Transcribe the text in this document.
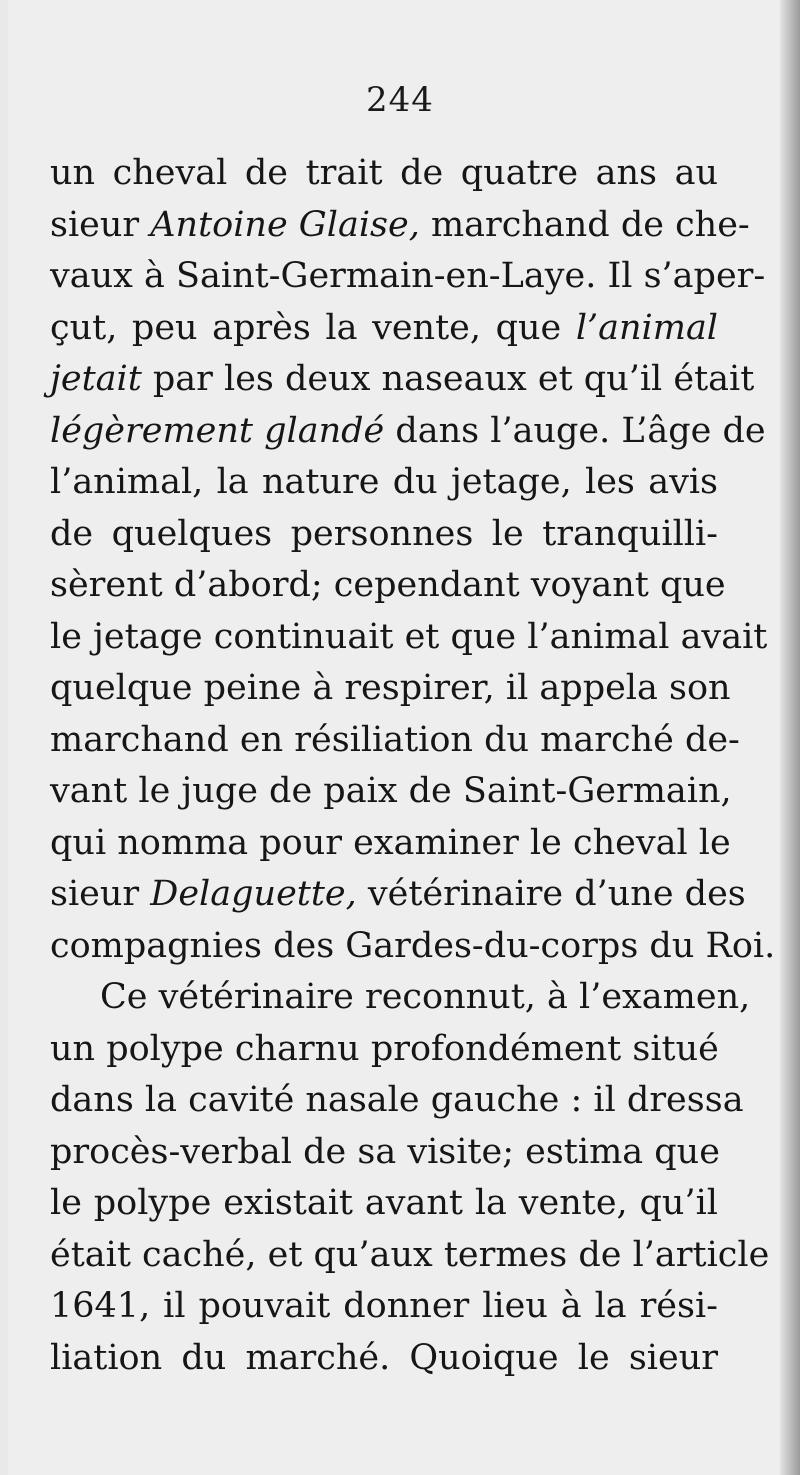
244
un cheval de trait de quatre ans au
sieur Antoine Glaise, marchand de che-
vaux à Saint-Germain-en-Laye. Il s’aper-
çut, peu après la vente, que l’animal
jetait par les deux naseaux et qu’il était
légèrement glandé dans l’auge. L’âge de
l’animal, la nature du jetage, les avis
de quelques personnes le tranquilli-
sèrent d’abord; cependant voyant que
le jetage continuait et que l’animal avait
quelque peine à respirer, il appela son
marchand en résiliation du marché de-
vant le juge de paix de Saint-Germain,
qui nomma pour examiner le cheval le
sieur Delaguette, vétérinaire d’une des
compagnies des Gardes-du-corps du Roi.
Ce vétérinaire reconnut, à l’examen,
un polype charnu profondément situé
dans la cavité nasale gauche : il dressa
procès-verbal de sa visite; estima que
le polype existait avant la vente, qu’il
était caché, et qu’aux termes de l’article
1641, il pouvait donner lieu à la rési-
liation du marché. Quoique le sieur
